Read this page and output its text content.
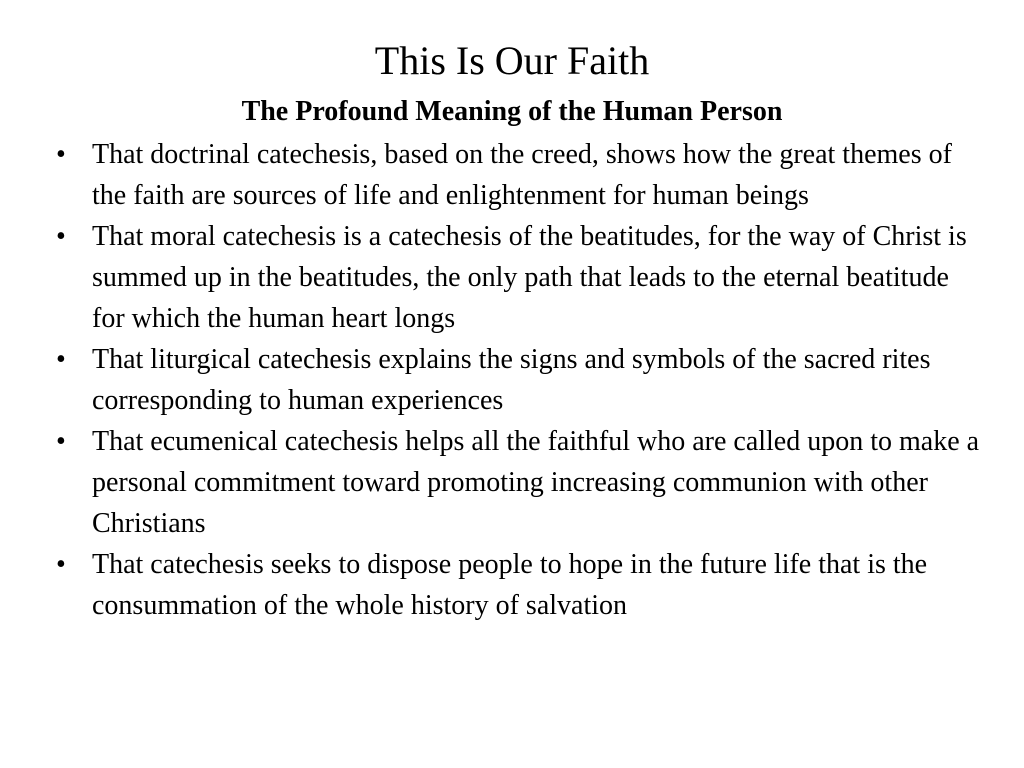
This Is Our Faith
The Profound Meaning of the Human Person
• That doctrinal catechesis, based on the creed, shows how the great themes of the faith are sources of life and enlightenment for human beings
• That moral catechesis is a catechesis of the beatitudes, for the way of Christ is summed up in the beatitudes, the only path that leads to the eternal beatitude for which the human heart longs
• That liturgical catechesis explains the signs and symbols of the sacred rites corresponding to human experiences
• That ecumenical catechesis helps all the faithful who are called upon to make a personal commitment toward promoting increasing communion with other Christians
• That catechesis seeks to dispose people to hope in the future life that is the consummation of the whole history of salvation
